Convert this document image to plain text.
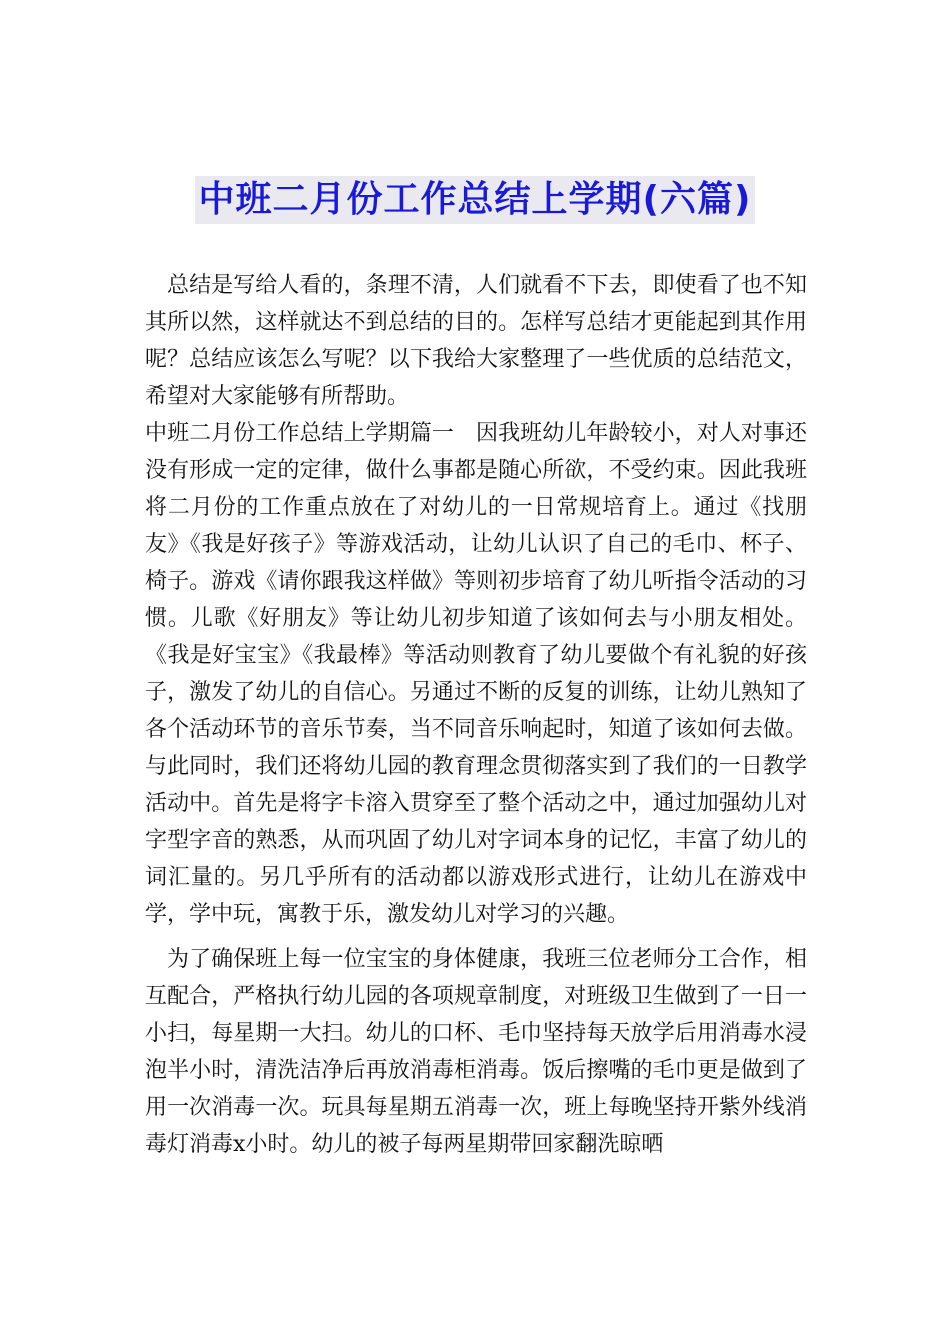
中班二月份工作总结上学期(六篇)

总结是写给人看的，条理不清，人们就看不下去，即使看了也不知其所以然，这样就达不到总结的目的。怎样写总结才更能起到其作用呢？总结应该怎么写呢？以下我给大家整理了一些优质的总结范文，希望对大家能够有所帮助。

中班二月份工作总结上学期篇一　因我班幼儿年龄较小，对人对事还没有形成一定的定律，做什么事都是随心所欲，不受约束。因此我班将二月份的工作重点放在了对幼儿的一日常规培育上。通过《找朋友》《我是好孩子》等游戏活动，让幼儿认识了自己的毛巾、杯子、椅子。游戏《请你跟我这样做》等则初步培育了幼儿听指令活动的习惯。儿歌《好朋友》等让幼儿初步知道了该如何去与小朋友相处。《我是好宝宝》《我最棒》等活动则教育了幼儿要做个有礼貌的好孩子，激发了幼儿的自信心。另通过不断的反复的训练，让幼儿熟知了各个活动环节的音乐节奏，当不同音乐响起时，知道了该如何去做。与此同时，我们还将幼儿园的教育理念贯彻落实到了我们的一日教学活动中。首先是将字卡溶入贯穿至了整个活动之中，通过加强幼儿对字型字音的熟悉，从而巩固了幼儿对字词本身的记忆，丰富了幼儿的词汇量的。另几乎所有的活动都以游戏形式进行，让幼儿在游戏中学，学中玩，寓教于乐，激发幼儿对学习的兴趣。

为了确保班上每一位宝宝的身体健康，我班三位老师分工合作，相互配合，严格执行幼儿园的各项规章制度，对班级卫生做到了一日一小扫，每星期一大扫。幼儿的口杯、毛巾坚持每天放学后用消毒水浸泡半小时，清洗洁净后再放消毒柜消毒。饭后擦嘴的毛巾更是做到了用一次消毒一次。玩具每星期五消毒一次，班上每晚坚持开紫外线消毒灯消毒x小时。幼儿的被子每两星期带回家翻洗晾晒
